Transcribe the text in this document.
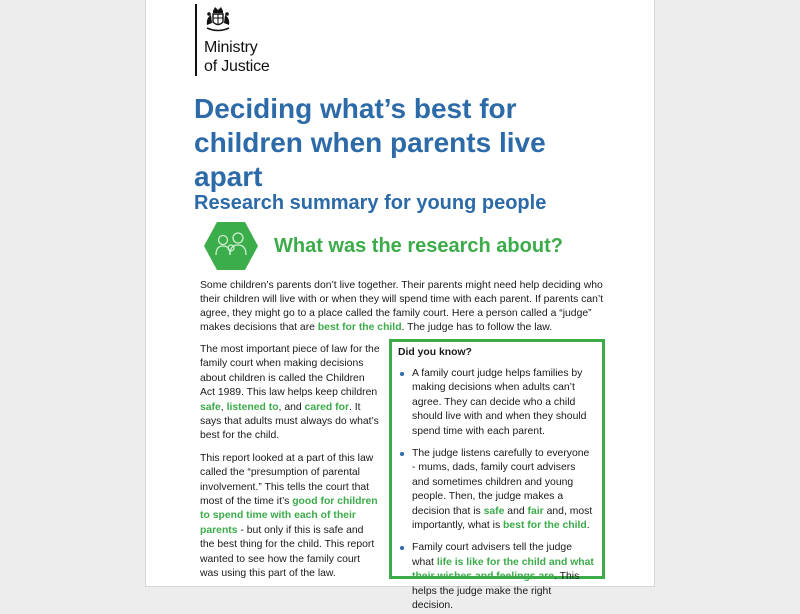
Ministry
of Justice
Deciding what’s best for children when parents live apart
Research summary for young people
What was the research about?

Some children’s parents don’t live together. Their parents might need help deciding who their children will live with or when they will spend time with each parent. If parents can’t agree, they might go to a place called the family court. Here a person called a “judge” makes decisions that are best for the child. The judge has to follow the law.

The most important piece of law for the family court when making decisions about children is called the Children Act 1989. This law helps keep children safe, listened to, and cared for. It says that adults must always do what’s best for the child.

This report looked at a part of this law called the “presumption of parental involvement.” This tells the court that most of the time it’s good for children to spend time with each of their parents - but only if this is safe and the best thing for the child. This report wanted to see how the family court was using this part of the law.

Did you know?
A family court judge helps families by making decisions when adults can’t agree. They can decide who a child should live with and when they should spend time with each parent.
The judge listens carefully to everyone - mums, dads, family court advisers and sometimes children and young people. Then, the judge makes a decision that is safe and fair and, most importantly, what is best for the child.
Family court advisers tell the judge what life is like for the child and what their wishes and feelings are. This helps the judge make the right decision.
